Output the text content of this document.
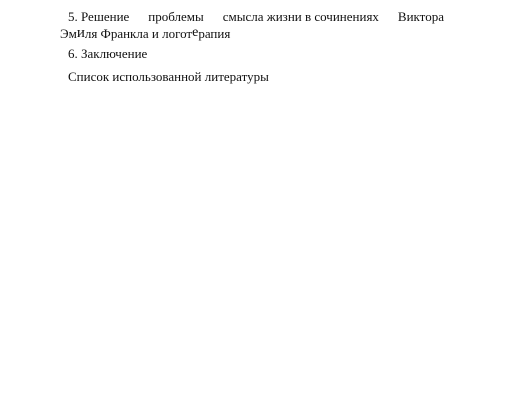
5. Решение проблемы смысла жизни в сочинениях Виктора
Эмиля Франкла и логотерапия
6. Заключение
Список использованной литературы
